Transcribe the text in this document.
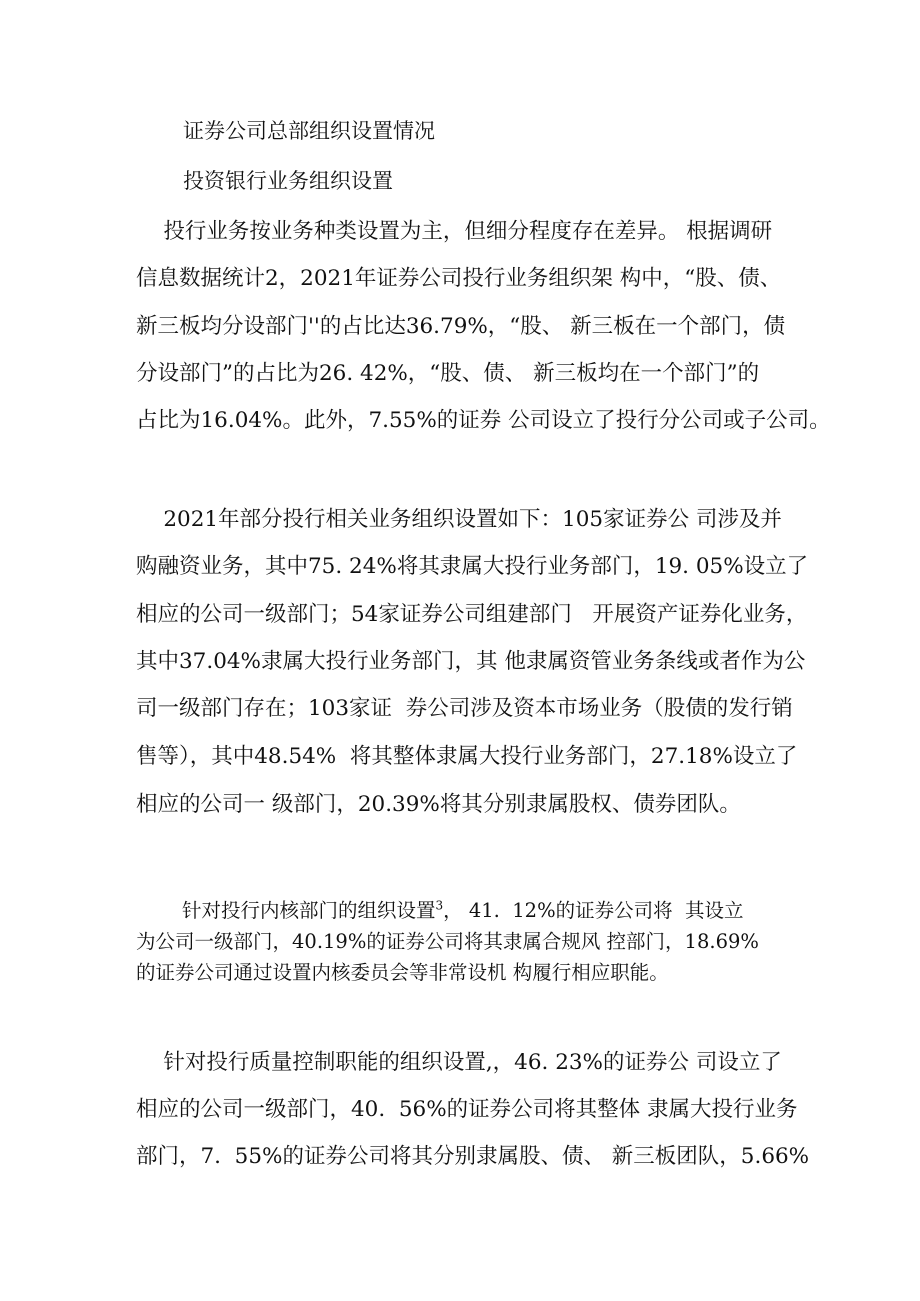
证券公司总部组织设置情况
投资银行业务组织设置
投行业务按业务种类设置为主，但细分程度存在差异。 根据调研
信息数据统计2，2021年证券公司投行业务组织架 构中，“股、债、
新三板均分设部门''的占比达36.79%，“股、 新三板在一个部门，债
分设部门”的占比为26. 42%，“股、债、 新三板均在一个部门”的
占比为16.04%。此外，7.55%的证券 公司设立了投行分公司或子公司。
2021年部分投行相关业务组织设置如下：105家证券公 司涉及并
购融资业务，其中75. 24%将其隶属大投行业务部门，19. 05%设立了
相应的公司一级部门；54家证券公司组建部门   开展资产证券化业务，
其中37.04%隶属大投行业务部门，其 他隶属资管业务条线或者作为公
司一级部门存在；103家证  券公司涉及资本市场业务（股债的发行销
售等），其中48.54%  将其整体隶属大投行业务部门，27.18%设立了
相应的公司一 级部门，20.39%将其分别隶属股权、债券团队。
针对投行内核部门的组织设置$^3$， 41.  12%的证券公司将  其设立
为公司一级部门，40.19%的证券公司将其隶属合规风 控部门，18.69%
的证券公司通过设置内核委员会等非常设机 构履行相应职能。
针对投行质量控制职能的组织设置,，46. 23%的证券公 司设立了
相应的公司一级部门，40.  56%的证券公司将其整体 隶属大投行业务
部门，7.  55%的证券公司将其分别隶属股、债、 新三板团队，5.66%
